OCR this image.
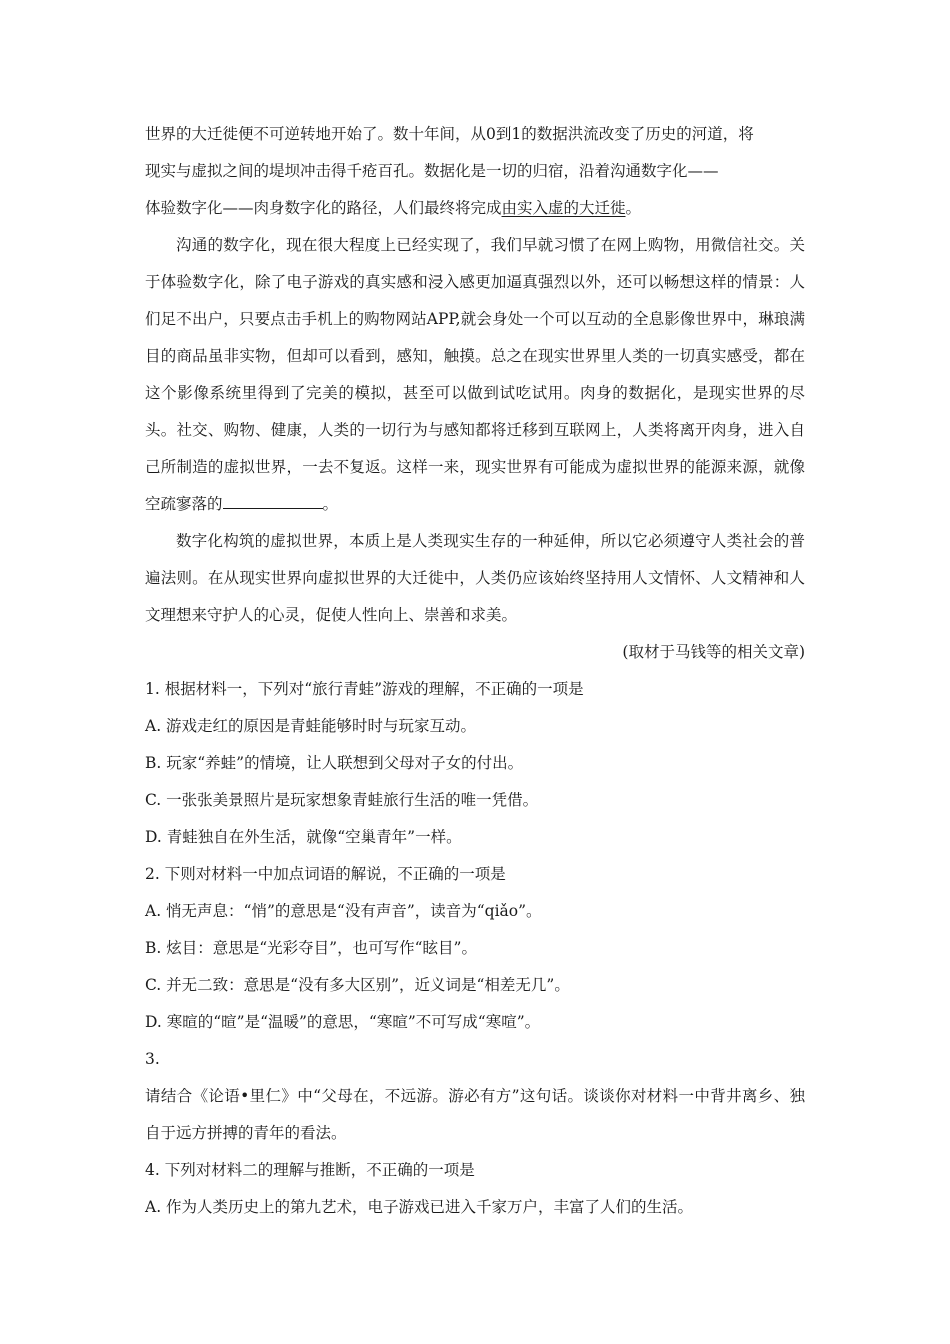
世界的大迁徙便不可逆转地开始了。数十年间，从0到1的数据洪流改变了历史的河道，将
现实与虚拟之间的堤坝冲击得千疮百孔。数据化是一切的归宿，沿着沟通数字化——
体验数字化——肉身数字化的路径，人们最终将完成由实入虚的大迁徙。
沟通的数字化，现在很大程度上已经实现了，我们早就习惯了在网上购物，用微信社交。关于体验数字化，除了电子游戏的真实感和浸入感更加逼真强烈以外，还可以畅想这样的情景：人们足不出户，只要点击手机上的购物网站APP,就会身处一个可以互动的全息影像世界中，琳琅满目的商品虽非实物，但却可以看到，感知，触摸。总之在现实世界里人类的一切真实感受，都在这个影像系统里得到了完美的模拟，甚至可以做到试吃试用。肉身的数据化，是现实世界的尽头。社交、购物、健康，人类的一切行为与感知都将迁移到互联网上，人类将离开肉身，进入自己所制造的虚拟世界，一去不复返。这样一来，现实世界有可能成为虚拟世界的能源来源，就像空疏寥落的	。
数字化构筑的虚拟世界，本质上是人类现实生存的一种延伸，所以它必须遵守人类社会的普遍法则。在从现实世界向虚拟世界的大迁徙中，人类仍应该始终坚持用人文情怀、人文精神和人文理想来守护人的心灵，促使人性向上、崇善和求美。
(取材于马钱等的相关文章)
1. 根据材料一，下列对“旅行青蛙”游戏的理解，不正确的一项是
A. 游戏走红的原因是青蛙能够时时与玩家互动。
B. 玩家“养蛙”的情境，让人联想到父母对子女的付出。
C. 一张张美景照片是玩家想象青蛙旅行生活的唯一凭借。
D. 青蛙独自在外生活，就像“空巢青年”一样。
2. 下则对材料一中加点词语的解说，不正确的一项是
A. 悄无声息：“悄”的意思是“没有声音”，读音为“qiǎo”。
B. 炫目：意思是“光彩夺目”，也可写作“眩目”。
C. 并无二致：意思是“没有多大区别”，近义词是“相差无几”。
D. 寒暄的“暄”是“温暖”的意思，“寒暄”不可写成“寒喧”。
3.
请结合《论语•里仁》中“父母在，不远游。游必有方”这句话。谈谈你对材料一中背井离乡、独自于远方拼搏的青年的看法。
4. 下列对材料二的理解与推断，不正确的一项是
A. 作为人类历史上的第九艺术，电子游戏已进入千家万户，丰富了人们的生活。
